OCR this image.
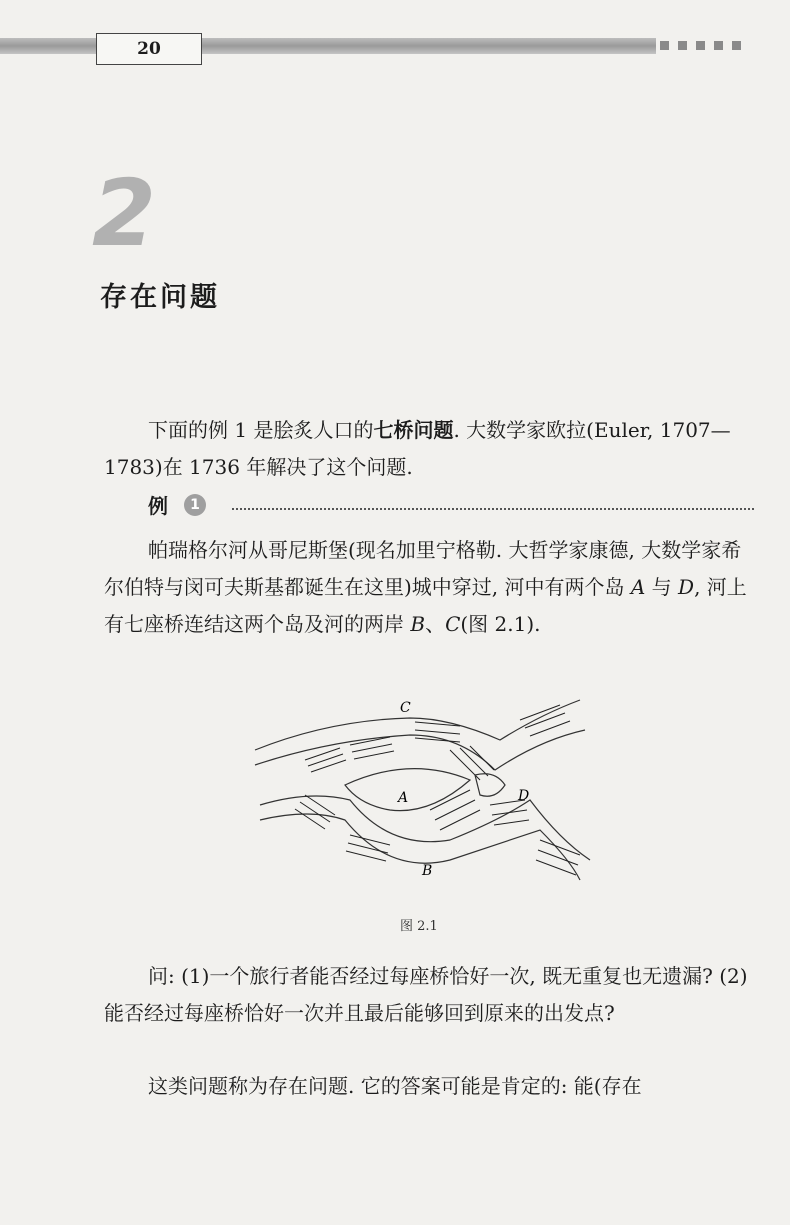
20
2
存在问题

下面的例 1 是脍炙人口的七桥问题. 大数学家欧拉(Euler, 1707—1783)在 1736 年解决了这个问题.

例	1

帕瑞格尔河从哥尼斯堡(现名加里宁格勒. 大哲学家康德, 大数学家希尔伯特与闵可夫斯基都诞生在这里)城中穿过, 河中有两个岛 A 与 D, 河上有七座桥连结这两个岛及河的两岸 B、C(图 2.1).

C
A	D
B
图 2.1

问: (1)一个旅行者能否经过每座桥恰好一次, 既无重复也无遗漏? (2)能否经过每座桥恰好一次并且最后能够回到原来的出发点?

这类问题称为存在问题. 它的答案可能是肯定的: 能(存在
